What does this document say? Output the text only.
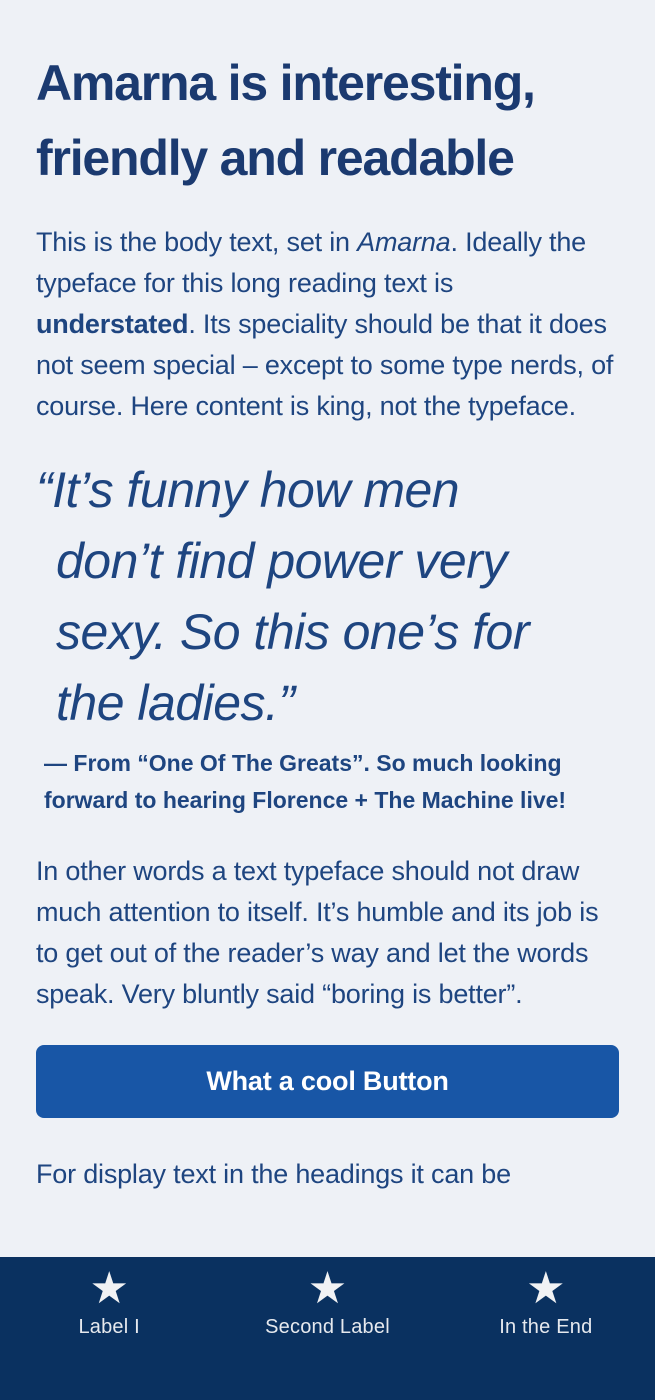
Amarna is interesting,
friendly and readable

This is the body text, set in Amarna. Ideally the typeface for this long reading text is understated. Its speciality should be that it does not seem special – except to some type nerds, of course. Here content is king, not the typeface.

“It’s funny how men
don’t find power very
sexy. So this one’s for
the ladies.”
— From “One Of The Greats”. So much looking
forward to hearing Florence + The Machine live!

In other words a text typeface should not draw much attention to itself. It’s humble and its job is to get out of the reader’s way and let the words speak. Very bluntly said “boring is better”.

What a cool Button

For display text in the headings it can be

★
Label I
★
Second Label
★
In the End
